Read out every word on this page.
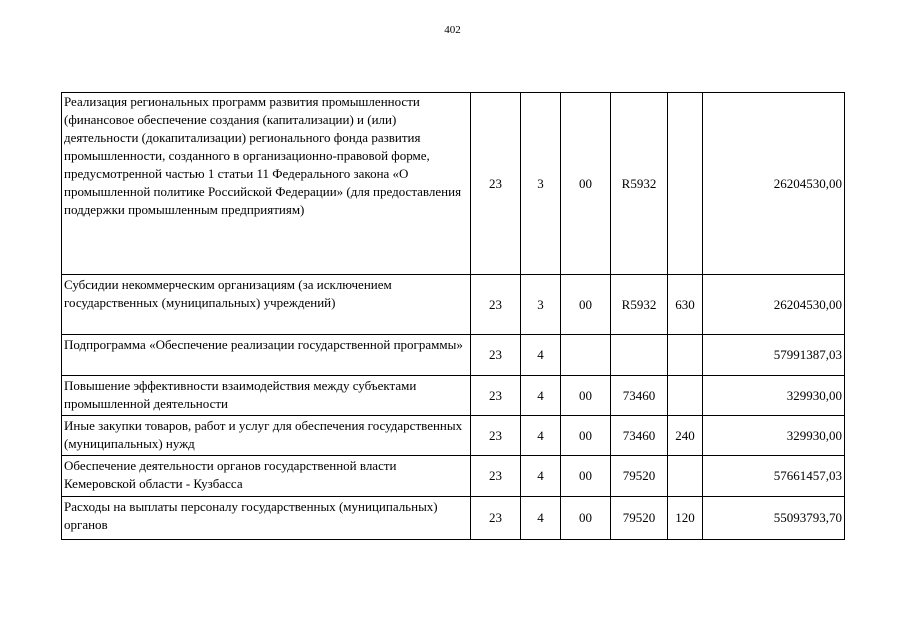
402
Реализация региональных программ развития промышленности (финансовое обеспечение создания (капитализации) и (или) деятельности (докапитализации) регионального фонда развития промышленности, созданного в организационно-правовой форме, предусмотренной частью 1 статьи 11 Федерального закона «О промышленной политике Российской Федерации» (для предоставления поддержки промышленным предприятиям)	23	3	00	R5932		26204530,00

Субсидии некоммерческим организациям (за исключением государственных (муниципальных) учреждений)	23	3	00	R5932	630	26204530,00

Подпрограмма «Обеспечение реализации государственной программы»	23	4				57991387,03

Повышение эффективности взаимодействия между субъектами промышленной деятельности	23	4	00	73460		329930,00

Иные закупки товаров, работ и услуг для обеспечения государственных (муниципальных) нужд	23	4	00	73460	240	329930,00

Обеспечение деятельности органов государственной власти Кемеровской области - Кузбасса	23	4	00	79520		57661457,03

Расходы на выплаты персоналу государственных (муниципальных) органов	23	4	00	79520	120	55093793,70
